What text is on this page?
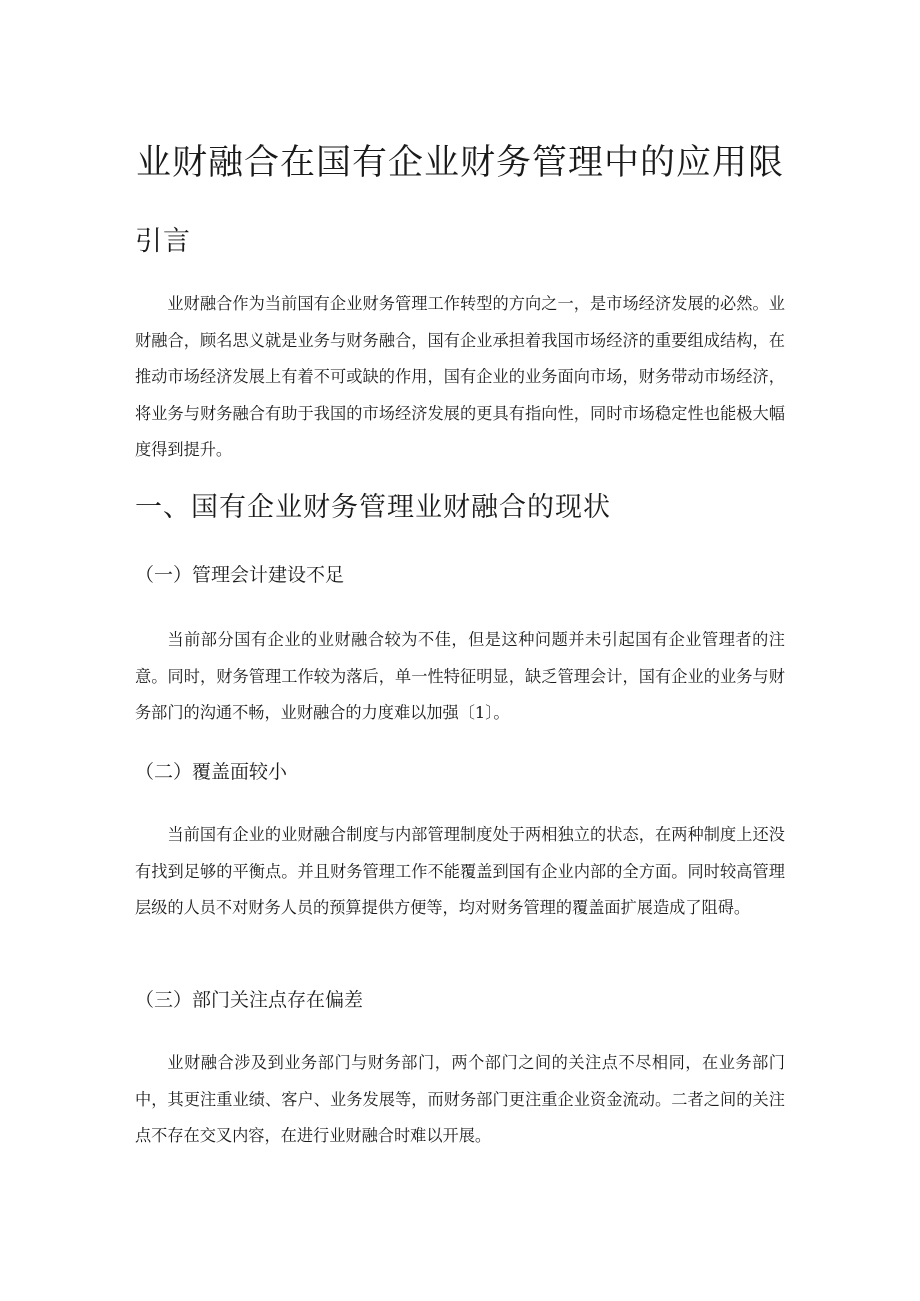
业财融合在国有企业财务管理中的应用限
引言

业财融合作为当前国有企业财务管理工作转型的方向之一，是市场经济发展的必然。业财融合，顾名思义就是业务与财务融合，国有企业承担着我国市场经济的重要组成结构，在推动市场经济发展上有着不可或缺的作用，国有企业的业务面向市场，财务带动市场经济，将业务与财务融合有助于我国的市场经济发展的更具有指向性，同时市场稳定性也能极大幅度得到提升。

一、国有企业财务管理业财融合的现状
（一）管理会计建设不足

当前部分国有企业的业财融合较为不佳，但是这种问题并未引起国有企业管理者的注意。同时，财务管理工作较为落后，单一性特征明显，缺乏管理会计，国有企业的业务与财务部门的沟通不畅，业财融合的力度难以加强〔1〕。

（二）覆盖面较小

当前国有企业的业财融合制度与内部管理制度处于两相独立的状态，在两种制度上还没有找到足够的平衡点。并且财务管理工作不能覆盖到国有企业内部的全方面。同时较高管理层级的人员不对财务人员的预算提供方便等，均对财务管理的覆盖面扩展造成了阻碍。

（三）部门关注点存在偏差

业财融合涉及到业务部门与财务部门，两个部门之间的关注点不尽相同，在业务部门中，其更注重业绩、客户、业务发展等，而财务部门更注重企业资金流动。二者之间的关注点不存在交叉内容，在进行业财融合时难以开展。
